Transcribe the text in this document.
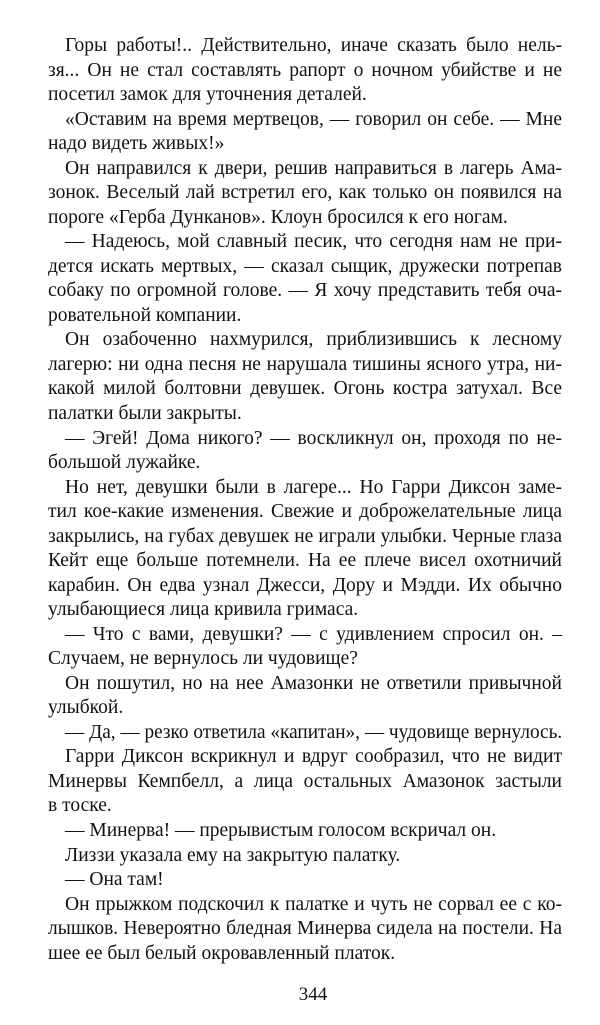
Горы работы!.. Действительно, иначе сказать было нель-
зя... Он не стал составлять рапорт о ночном убийстве и не
посетил замок для уточнения деталей.
«Оставим на время мертвецов, — говорил он себе. — Мне
надо видеть живых!»
Он направился к двери, решив направиться в лагерь Ама-
зонок. Веселый лай встретил его, как только он появился на
пороге «Герба Дунканов». Клоун бросился к его ногам.
— Надеюсь, мой славный песик, что сегодня нам не при-
дется искать мертвых, — сказал сыщик, дружески потрепав
собаку по огромной голове. — Я хочу представить тебя оча-
ровательной компании.
Он озабоченно нахмурился, приблизившись к лесному
лагерю: ни одна песня не нарушала тишины ясного утра, ни-
какой милой болтовни девушек. Огонь костра затухал. Все
палатки были закрыты.
— Эгей! Дома никого? — воскликнул он, проходя по не-
большой лужайке.
Но нет, девушки были в лагере... Но Гарри Диксон заме-
тил кое-какие изменения. Свежие и доброжелательные лица
закрылись, на губах девушек не играли улыбки. Черные глаза
Кейт еще больше потемнели. На ее плече висел охотничий
карабин. Он едва узнал Джесси, Дору и Мэдди. Их обычно
улыбающиеся лица кривила гримаса.
— Что с вами, девушки? — с удивлением спросил он. –
Случаем, не вернулось ли чудовище?
Он пошутил, но на нее Амазонки не ответили привычной
улыбкой.
— Да, — резко ответила «капитан», — чудовище вернулось.
Гарри Диксон вскрикнул и вдруг сообразил, что не видит
Минервы Кемпбелл, а лица остальных Амазонок застыли
в тоске.
— Минерва! — прерывистым голосом вскричал он.
Лиззи указала ему на закрытую палатку.
— Она там!
Он прыжком подскочил к палатке и чуть не сорвал ее с ко-
лышков. Невероятно бледная Минерва сидела на постели. На
шее ее был белый окровавленный платок.
344
